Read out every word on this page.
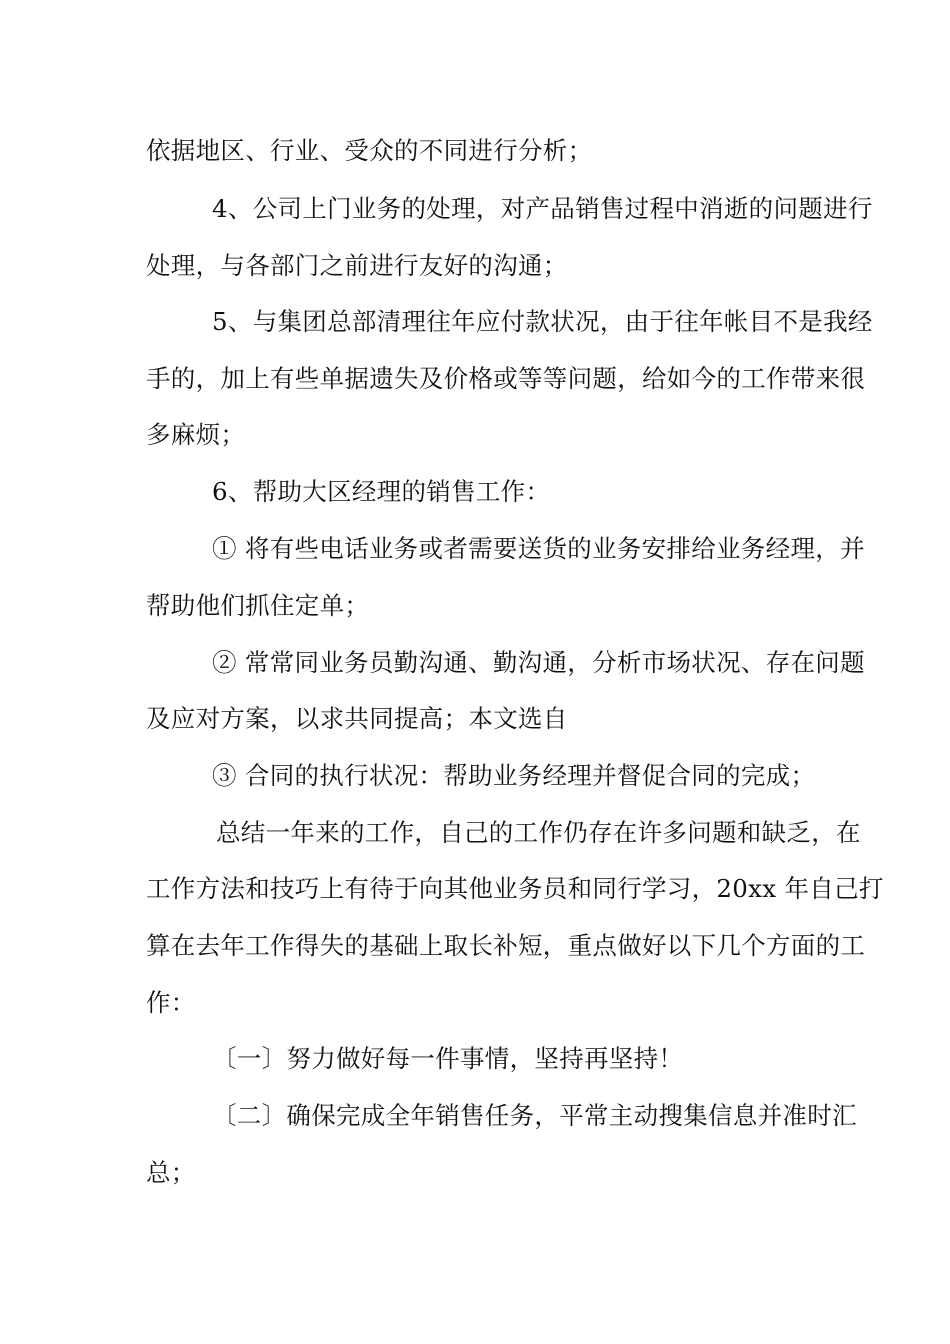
依据地区、行业、受众的不同进行分析；
4、公司上门业务的处理，对产品销售过程中消逝的问题进行
处理，与各部门之前进行友好的沟通；
5、与集团总部清理往年应付款状况，由于往年帐目不是我经
手的，加上有些单据遗失及价格或等等问题，给如今的工作带来很
多麻烦；
6、帮助大区经理的销售工作：
① 将有些电话业务或者需要送货的业务安排给业务经理，并
帮助他们抓住定单；
② 常常同业务员勤沟通、勤沟通，分析市场状况、存在问题
及应对方案，以求共同提高；本文选自
③ 合同的执行状况：帮助业务经理并督促合同的完成；
总结一年来的工作，自己的工作仍存在许多问题和缺乏，在
工作方法和技巧上有待于向其他业务员和同行学习，20xx 年自己打
算在去年工作得失的基础上取长补短，重点做好以下几个方面的工
作：
〔一〕努力做好每一件事情，坚持再坚持！
〔二〕确保完成全年销售任务，平常主动搜集信息并准时汇
总；
